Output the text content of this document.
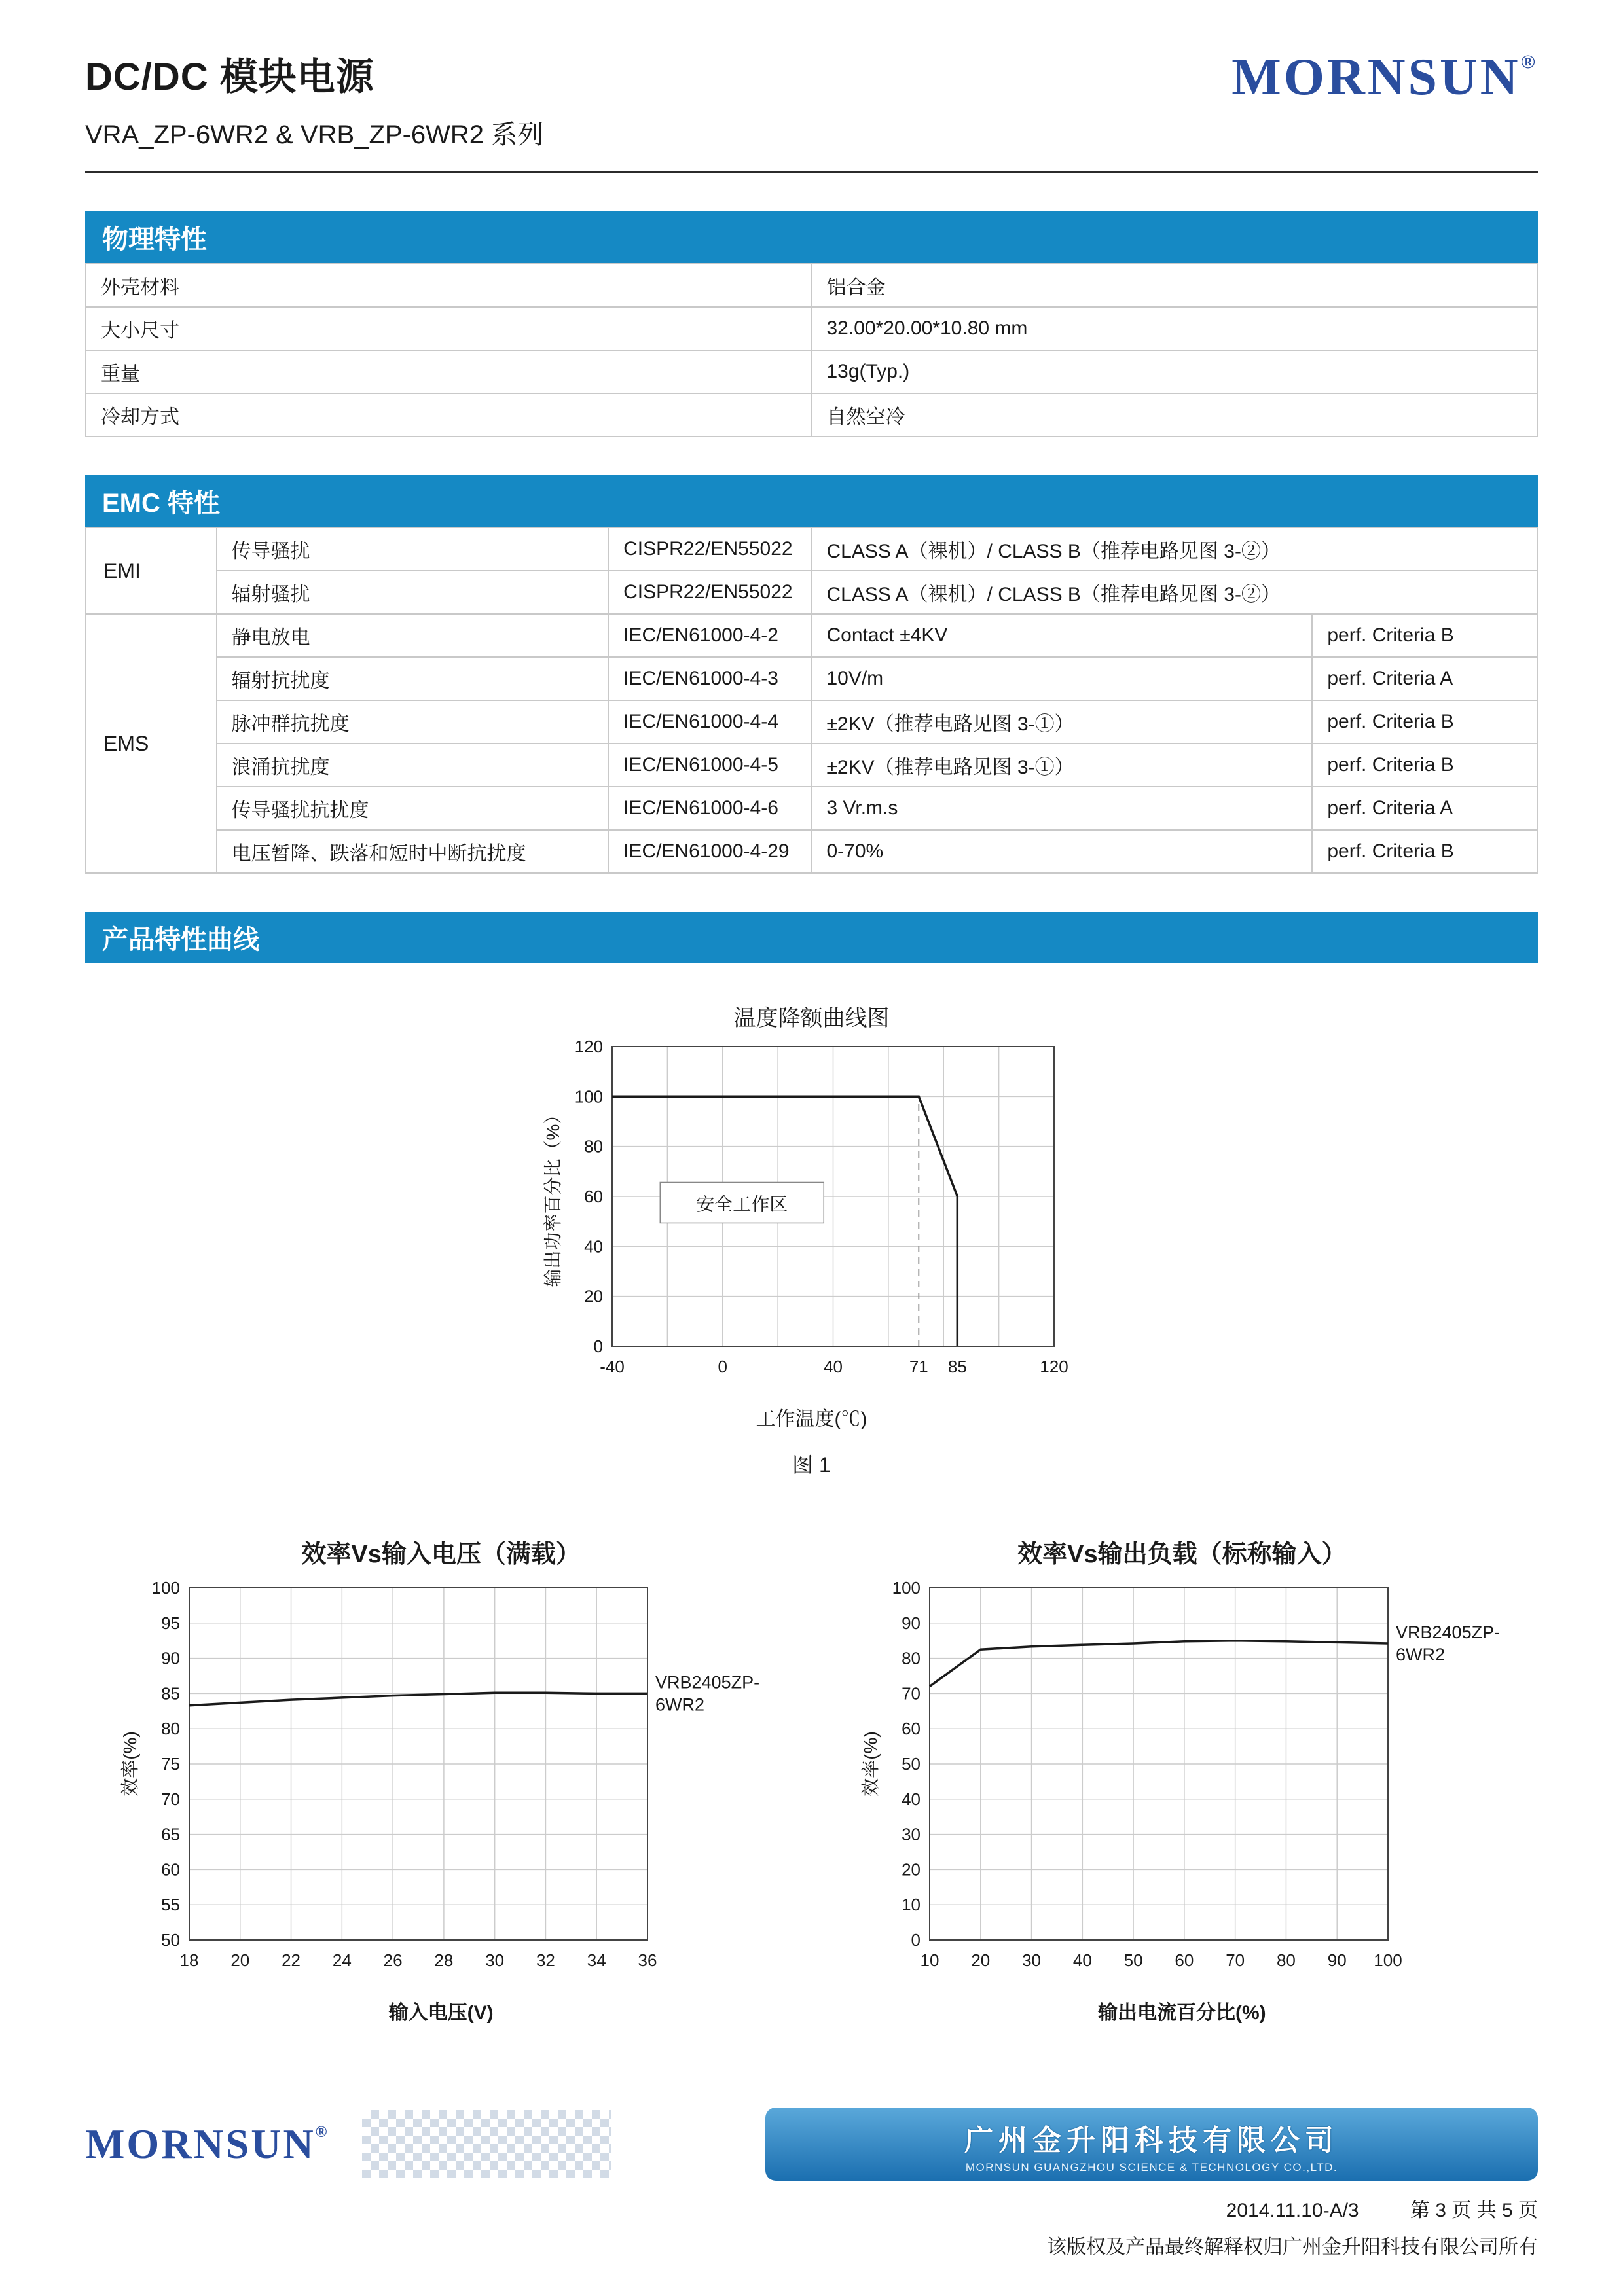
DC/DC 模块电源
VRA_ZP-6WR2 & VRB_ZP-6WR2 系列
MORNSUN®
物理特性
外壳材料	铝合金
大小尺寸	32.00*20.00*10.80 mm
重量	13g(Typ.)
冷却方式	自然空冷
EMC 特性
EMI	传导骚扰	CISPR22/EN55022	CLASS A（裸机）/ CLASS B（推荐电路见图 3-②）	
	辐射骚扰	CISPR22/EN55022	CLASS A（裸机）/ CLASS B（推荐电路见图 3-②）	
EMS	静电放电	IEC/EN61000-4-2	Contact ±4KV	perf. Criteria B
	辐射抗扰度	IEC/EN61000-4-3	10V/m	perf. Criteria A
	脉冲群抗扰度	IEC/EN61000-4-4	±2KV（推荐电路见图 3-①）	perf. Criteria B
	浪涌抗扰度	IEC/EN61000-4-5	±2KV（推荐电路见图 3-①）	perf. Criteria B
	传导骚扰抗扰度	IEC/EN61000-4-6	3 Vr.m.s	perf. Criteria A
	电压暂降、跌落和短时中断抗扰度	IEC/EN61000-4-29	0-70%	perf. Criteria B
产品特性曲线
温度降额曲线图
-40	0	40	71 85	120
0
20
40
60
80
100
120
安全工作区
输出功率百分比（%）
工作温度(℃)
图 1
效率Vs输入电压（满载）
18 20 22 24 26 28 30 32 34 36
50
55
60
65
70
75
80
85
90
95
100
VRB2405ZP-
6WR2
效率(%)
输入电压(V)
效率Vs输出负载（标称输入）
10 20 30 40 50 60 70 80 90 100
0
10
20
30
40
50
60
70
80
90
100
VRB2405ZP-
6WR2
效率(%)
输出电流百分比(%)
MORNSUN®	广州金升阳科技有限公司
MORNSUN GUANGZHOU SCIENCE & TECHNOLOGY CO.,LTD.
2014.11.10-A/3	第 3 页 共 5 页
该版权及产品最终解释权归广州金升阳科技有限公司所有
